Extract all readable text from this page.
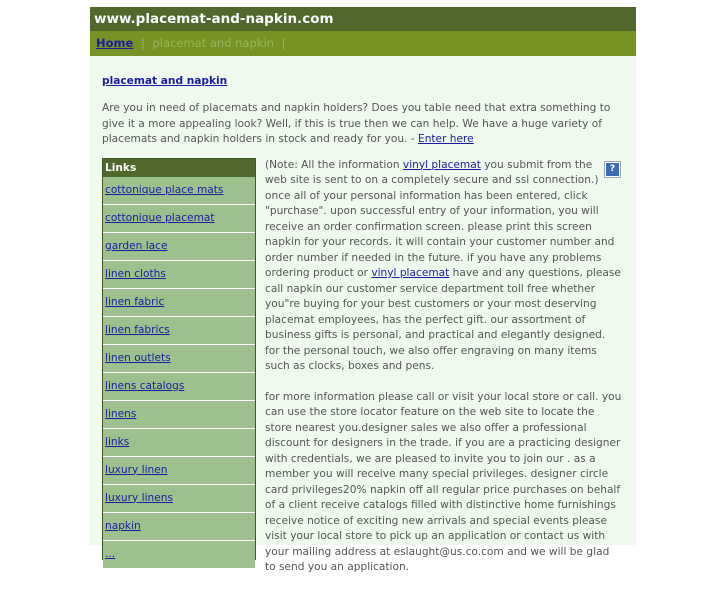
www.placemat-and-napkin.com
Home | placemat and napkin |
placemat and napkin
Are you in need of placemats and napkin holders? Does you table need that extra something to give it a more appealing look? Well, if this is true then we can help. We have a huge variety of placemats and napkin holders in stock and ready for you. - Enter here
Links
cottonique place mats
cottonique placemat
garden lace
linen cloths
linen fabric
linen fabrics
linen outlets
linens catalogs
linens
links
luxury linen
luxury linens
napkin
...

?
(Note: All the information vinyl placemat you submit from the web site is sent to on a completely secure and ssl connection.) once all of your personal information has been entered, click "purchase". upon successful entry of your information, you will receive an order confirmation screen. please print this screen napkin for your records. it will contain your customer number and order number if needed in the future. if you have any problems ordering product or vinyl placemat have and any questions, please call napkin our customer service department toll free whether you"re buying for your best customers or your most deserving placemat employees, has the perfect gift. our assortment of business gifts is personal, and practical and elegantly designed. for the personal touch, we also offer engraving on many items such as clocks, boxes and pens.

for more information please call or visit your local store or call. you can use the store locator feature on the web site to locate the store nearest you.designer sales we also offer a professional discount for designers in the trade. if you are a practicing designer with credentials, we are pleased to invite you to join our . as a member you will receive many special privileges. designer circle card privileges20% napkin off all regular price purchases on behalf of a client receive catalogs filled with distinctive home furnishings receive notice of exciting new arrivals and special events please visit your local store to pick up an application or contact us with your mailing address at eslaught@us.co.com and we will be glad to send you an application.
